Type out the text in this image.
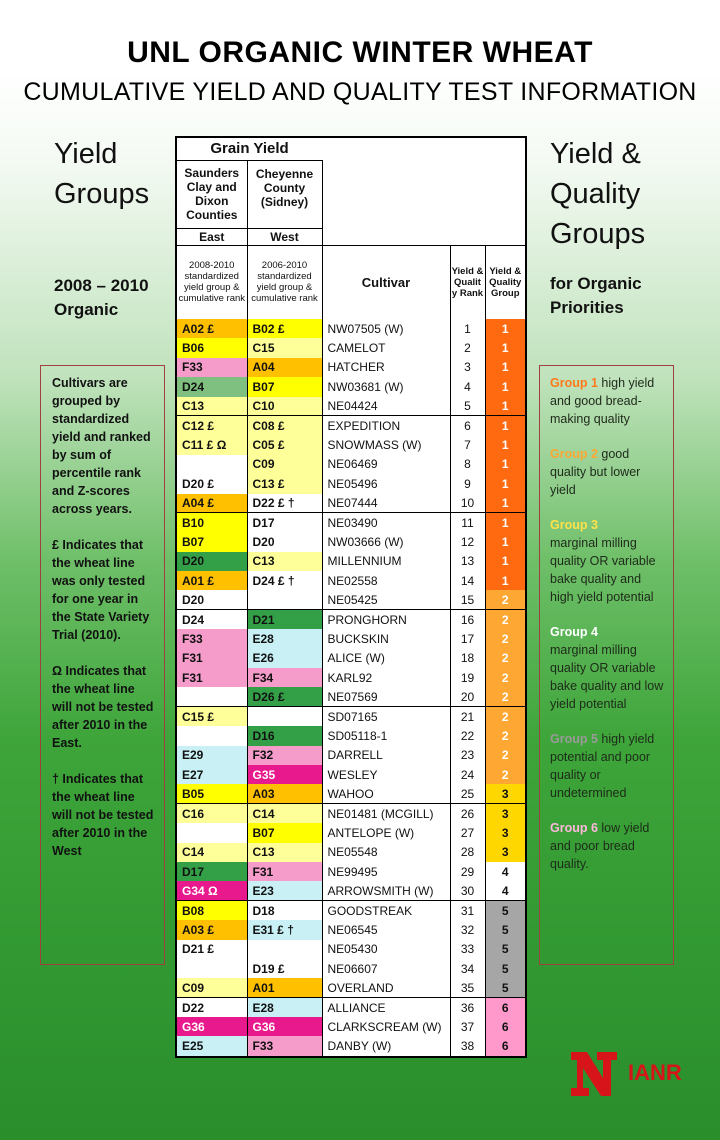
UNL ORGANIC WINTER WHEAT
CUMULATIVE YIELD AND QUALITY TEST INFORMATION
Yield
Groups
Yield &
Quality
Groups
2008 – 2010
Organic
for Organic
Priorities

Cultivars are grouped by standardized yield and ranked by sum of percentile rank and Z-scores across years.

£ Indicates that the wheat line was only tested for one year in the State Variety Trial (2010).

Ω Indicates that the wheat line will not be tested after 2010 in the East.

† Indicates that the wheat line will not be tested after 2010 in the West

Group 1 high yield and good bread-making quality

Group 2 good quality but lower yield

Group 3
marginal milling quality OR variable bake quality and high yield potential

Group 4
marginal milling quality OR variable bake quality and low yield potential

Group 5 high yield potential and poor quality or undetermined

Group 6 low yield and poor bread quality.

Grain Yield				
Saunders Clay and Dixon Counties	Cheyenne County (Sidney)			
East	West			
2008-2010 standardized yield group & cumulative rank	2006-2010 standardized yield group & cumulative rank	Cultivar	Yield & Qualit y Rank	Yield & Quality Group
A02 £	B02 £	NW07505 (W)	1	1
B06	C15	CAMELOT	2	1
F33	A04	HATCHER	3	1
D24	B07	NW03681 (W)	4	1
C13	C10	NE04424	5	1
C12 £	C08 £	EXPEDITION	6	1
C11 £ Ω	C05 £	SNOWMASS (W)	7	1
	C09	NE06469	8	1
D20 £	C13 £	NE05496	9	1
A04 £	D22 £ †	NE07444	10	1
B10	D17	NE03490	11	1
B07	D20	NW03666 (W)	12	1
D20	C13	MILLENNIUM	13	1
A01 £	D24 £ †	NE02558	14	1
D20		NE05425	15	2
D24	D21	PRONGHORN	16	2
F33	E28	BUCKSKIN	17	2
F31	E26	ALICE (W)	18	2
F31	F34	KARL92	19	2
	D26 £	NE07569	20	2
C15 £		SD07165	21	2
	D16	SD05118-1	22	2
E29	F32	DARRELL	23	2
E27	G35	WESLEY	24	2
B05	A03	WAHOO	25	3
C16	C14	NE01481 (MCGILL)	26	3
	B07	ANTELOPE (W)	27	3
C14	C13	NE05548	28	3
D17	F31	NE99495	29	4
G34 Ω	E23	ARROWSMITH (W)	30	4
B08	D18	GOODSTREAK	31	5
A03 £	E31 £ †	NE06545	32	5
D21 £		NE05430	33	5
	D19 £	NE06607	34	5
C09	A01	OVERLAND	35	5
D22	E28	ALLIANCE	36	6
G36	G36	CLARKSCREAM (W)	37	6
E25	F33	DANBY (W)	38	6
IANR
